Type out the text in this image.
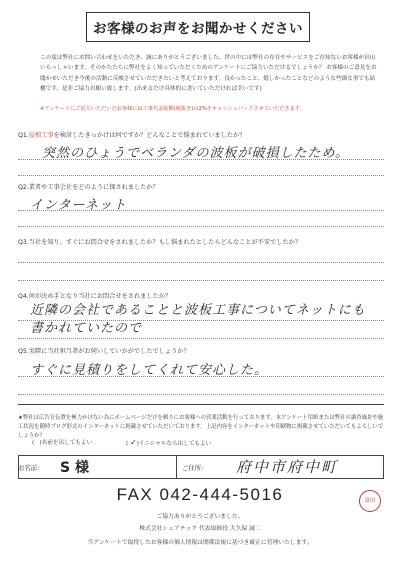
お客様のお声をお聞かせください

この度は弊社にお問い合わせをいただき、誠にありがとうございました。世の中には弊社の存在やサービスをご存知ないお客様が沢山いらっしゃいます。そのかたたちに弊社をよく知っていただくためのアンケートにご協力いただけるでしょうか？ お客様のご意見をお聞かせいただき今後の活動に反映させていただきたいと考えております。良かったこと、嬉しかったことなどのような些細な事でも結構です。是非ご協力お願い致します。(出来るだけ具体的に書いていただければ幸いです)

※アンケートにご記入いただいたお客様には工事代金総額(税抜き)の2%をキャッシュバックさせていただきます。
Q1.屋根工事を検討したきっかけは何ですか？どんなことで悩まれていましたか？
突然のひょうでベランダの波板が破損したため。
Q2.業者や工事会社をどのように探されましたか？
インターネット
Q3.当社を知り、すぐにお問合せをされましたか？もし悩まれたとしたらどんなことが不安でしたか？
Q4.何が決め手となり当社にお問合せをされましたか？
近隣の会社であることと波板工事についてネットにも書かれていたので
Q5.実際に当社担当者がお伺いしていかがでしたでしょうか？
すぐに見積りをしてくれて安心した。
★弊社は広告宣伝費を極力かけない為にホームページだけを頼りにお客様への営業活動を行っております。本アンケート用紙または弊社の調査風景や施工状況を随時ブログ形式のインターネットに掲載させていただいております。上記内容をインターネットや印刷物に掲載させていただいてもよろしいでしょうか？
( )名前を出してもよい	( ✓)イニシャルなら出してもよい
お名前: S 様	ご住所: 府中市府中町
FAX 042-444-5016	富田
ご協力ありがとうございました。
株式会社シェアテック 代表取締役 大久保 誠二
当アンケートで取得したお客様の個人情報は関係法規に基づき厳正に管理いたします。
